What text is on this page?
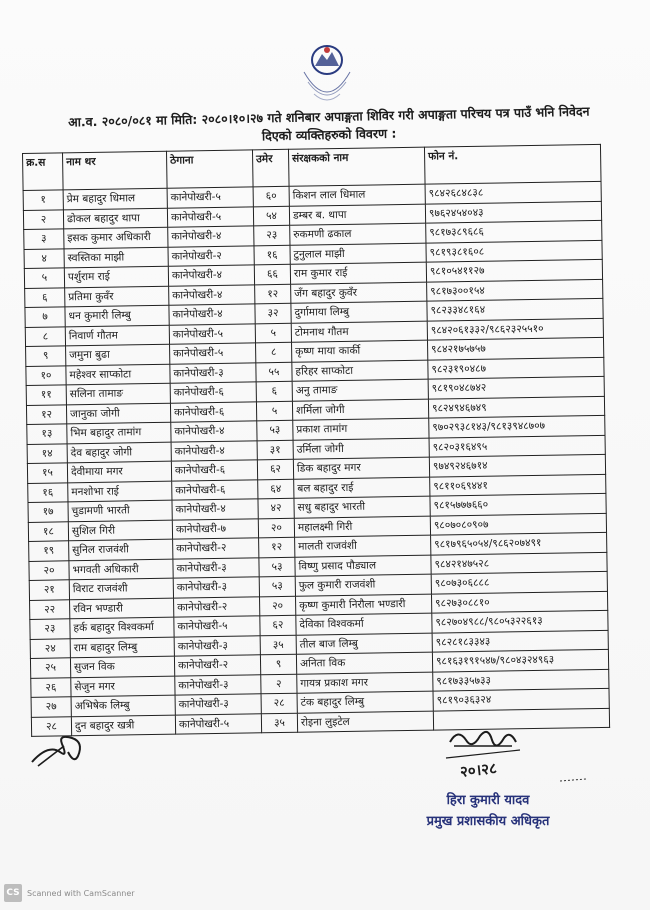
आ.व. २०८०/०८१ मा मिति: २०८०।१०।२७ गते शनिबार अपाङ्गता शिविर गरी अपाङ्गता परिचय पत्र पाउँ भनि निवेदन
दिएको व्यक्तिहरुको विवरण :
क्र.स	नाम थर	ठेगाना	उमेर	संरक्षकको नाम	फोन नं.
१	प्रेम बहादुर धिमाल	कानेपोखरी-५	६०	किशन लाल धिमाल	९८४२६८४८३८
२	ढोकल बहादुर थापा	कानेपोखरी-५	५४	डम्बर ब. थापा	९७६२४५४०४३
३	इसक कुमार अधिकारी	कानेपोखरी-४	२३	रुकमणी ढकाल	९८१७३८९६८६
४	स्वस्तिका माझी	कानेपोखरी-२	१६	टुनुलाल माझी	९८१९३८१६०८
५	पर्शुराम राई	कानेपोखरी-४	६६	राम कुमार राई	९८१०५४११२७
६	प्रतिमा कुवँर	कानेपोखरी-४	१२	जँग बहादुर कुवँर	९८१७३००१५४
७	धन कुमारी लिम्बु	कानेपोखरी-४	३२	दुर्गामाया लिम्बु	९८२३३४८१६४
८	निवार्ण गौतम	कानेपोखरी-५	५	टोमनाथ गौतम	९८४२०६१३३२/९८६२३२५५१०
९	जमुना बुढा	कानेपोखरी-५	८	कृष्ण माया कार्की	९८४२१७५७५७
१०	महेश्वर साप्कोटा	कानेपोखरी-३	५५	हरिहर साप्कोटा	९८२३१९०४८७
११	सलिना तामाङ	कानेपोखरी-६	६	अनु तामाङ	९८१९०४८७४२
१२	जानुका जोगी	कानेपोखरी-६	५	शर्मिला जोगी	९८२४९४६७४९
१३	भिम बहादुर तामांग	कानेपोखरी-४	५३	प्रकाश तामांग	९७०२९३८१४३/९८१३९४८७०७
१४	देव बहादुर जोगी	कानेपोखरी-४	३१	उर्मिला जोगी	९८२०३१६४९५
१५	देवीमाया मगर	कानेपोखरी-६	६२	डिक बहादुर मगर	९७४९२४६७१४
१६	मनशोभा राई	कानेपोखरी-६	६४	बल बहादुर राई	९८११०६९४४१
१७	चुडामणी भारती	कानेपोखरी-४	४२	सधु बहादुर भारती	९८१५७७७६६०
१८	सुशिल गिरी	कानेपोखरी-७	२०	महालक्ष्मी गिरी	९८०७०८०९०७
१९	सुनिल राजवंशी	कानेपोखरी-२	१२	मालती राजवंशी	९८१७९६५०५४/९८६२०७४९१
२०	भगवती अधिकारी	कानेपोखरी-३	५३	विष्णु प्रसाद पौड्याल	९८४२१४७५२८
२१	विराट राजवंशी	कानेपोखरी-३	५३	फुल कुमारी राजवंशी	९८०७३०६८८८
२२	रविन भण्डारी	कानेपोखरी-२	२०	कृष्ण कुमारी निरौला भण्डारी	९८२७३०८८१०
२३	हर्क बहादुर विश्वकर्मा	कानेपोखरी-५	६२	देविका विश्वकर्मा	९८२७०४९८८/९८०५३२२६१३
२४	राम बहादुर लिम्बु	कानेपोखरी-३	३५	तील बाज लिम्बु	९८२८१८३३४३
२५	सुजन विक	कानेपोखरी-२	९	अनिता विक	९८१६३१९१५४७/९८०४३२४९६३
२६	सेजुन मगर	कानेपोखरी-३	२	गायत्र प्रकाश मगर	९८१७३३५७३३
२७	अभिषेक लिम्बु	कानेपोखरी-३	२८	टंक बहादुर लिम्बु	९८१९०३६३२४
२८	दुन बहादुर खत्री	कानेपोखरी-५	३५	रोइना लुइटेल	
२०।२८
हिरा कुमारी यादव
प्रमुख प्रशासकीय अधिकृत
CS Scanned with CamScanner
